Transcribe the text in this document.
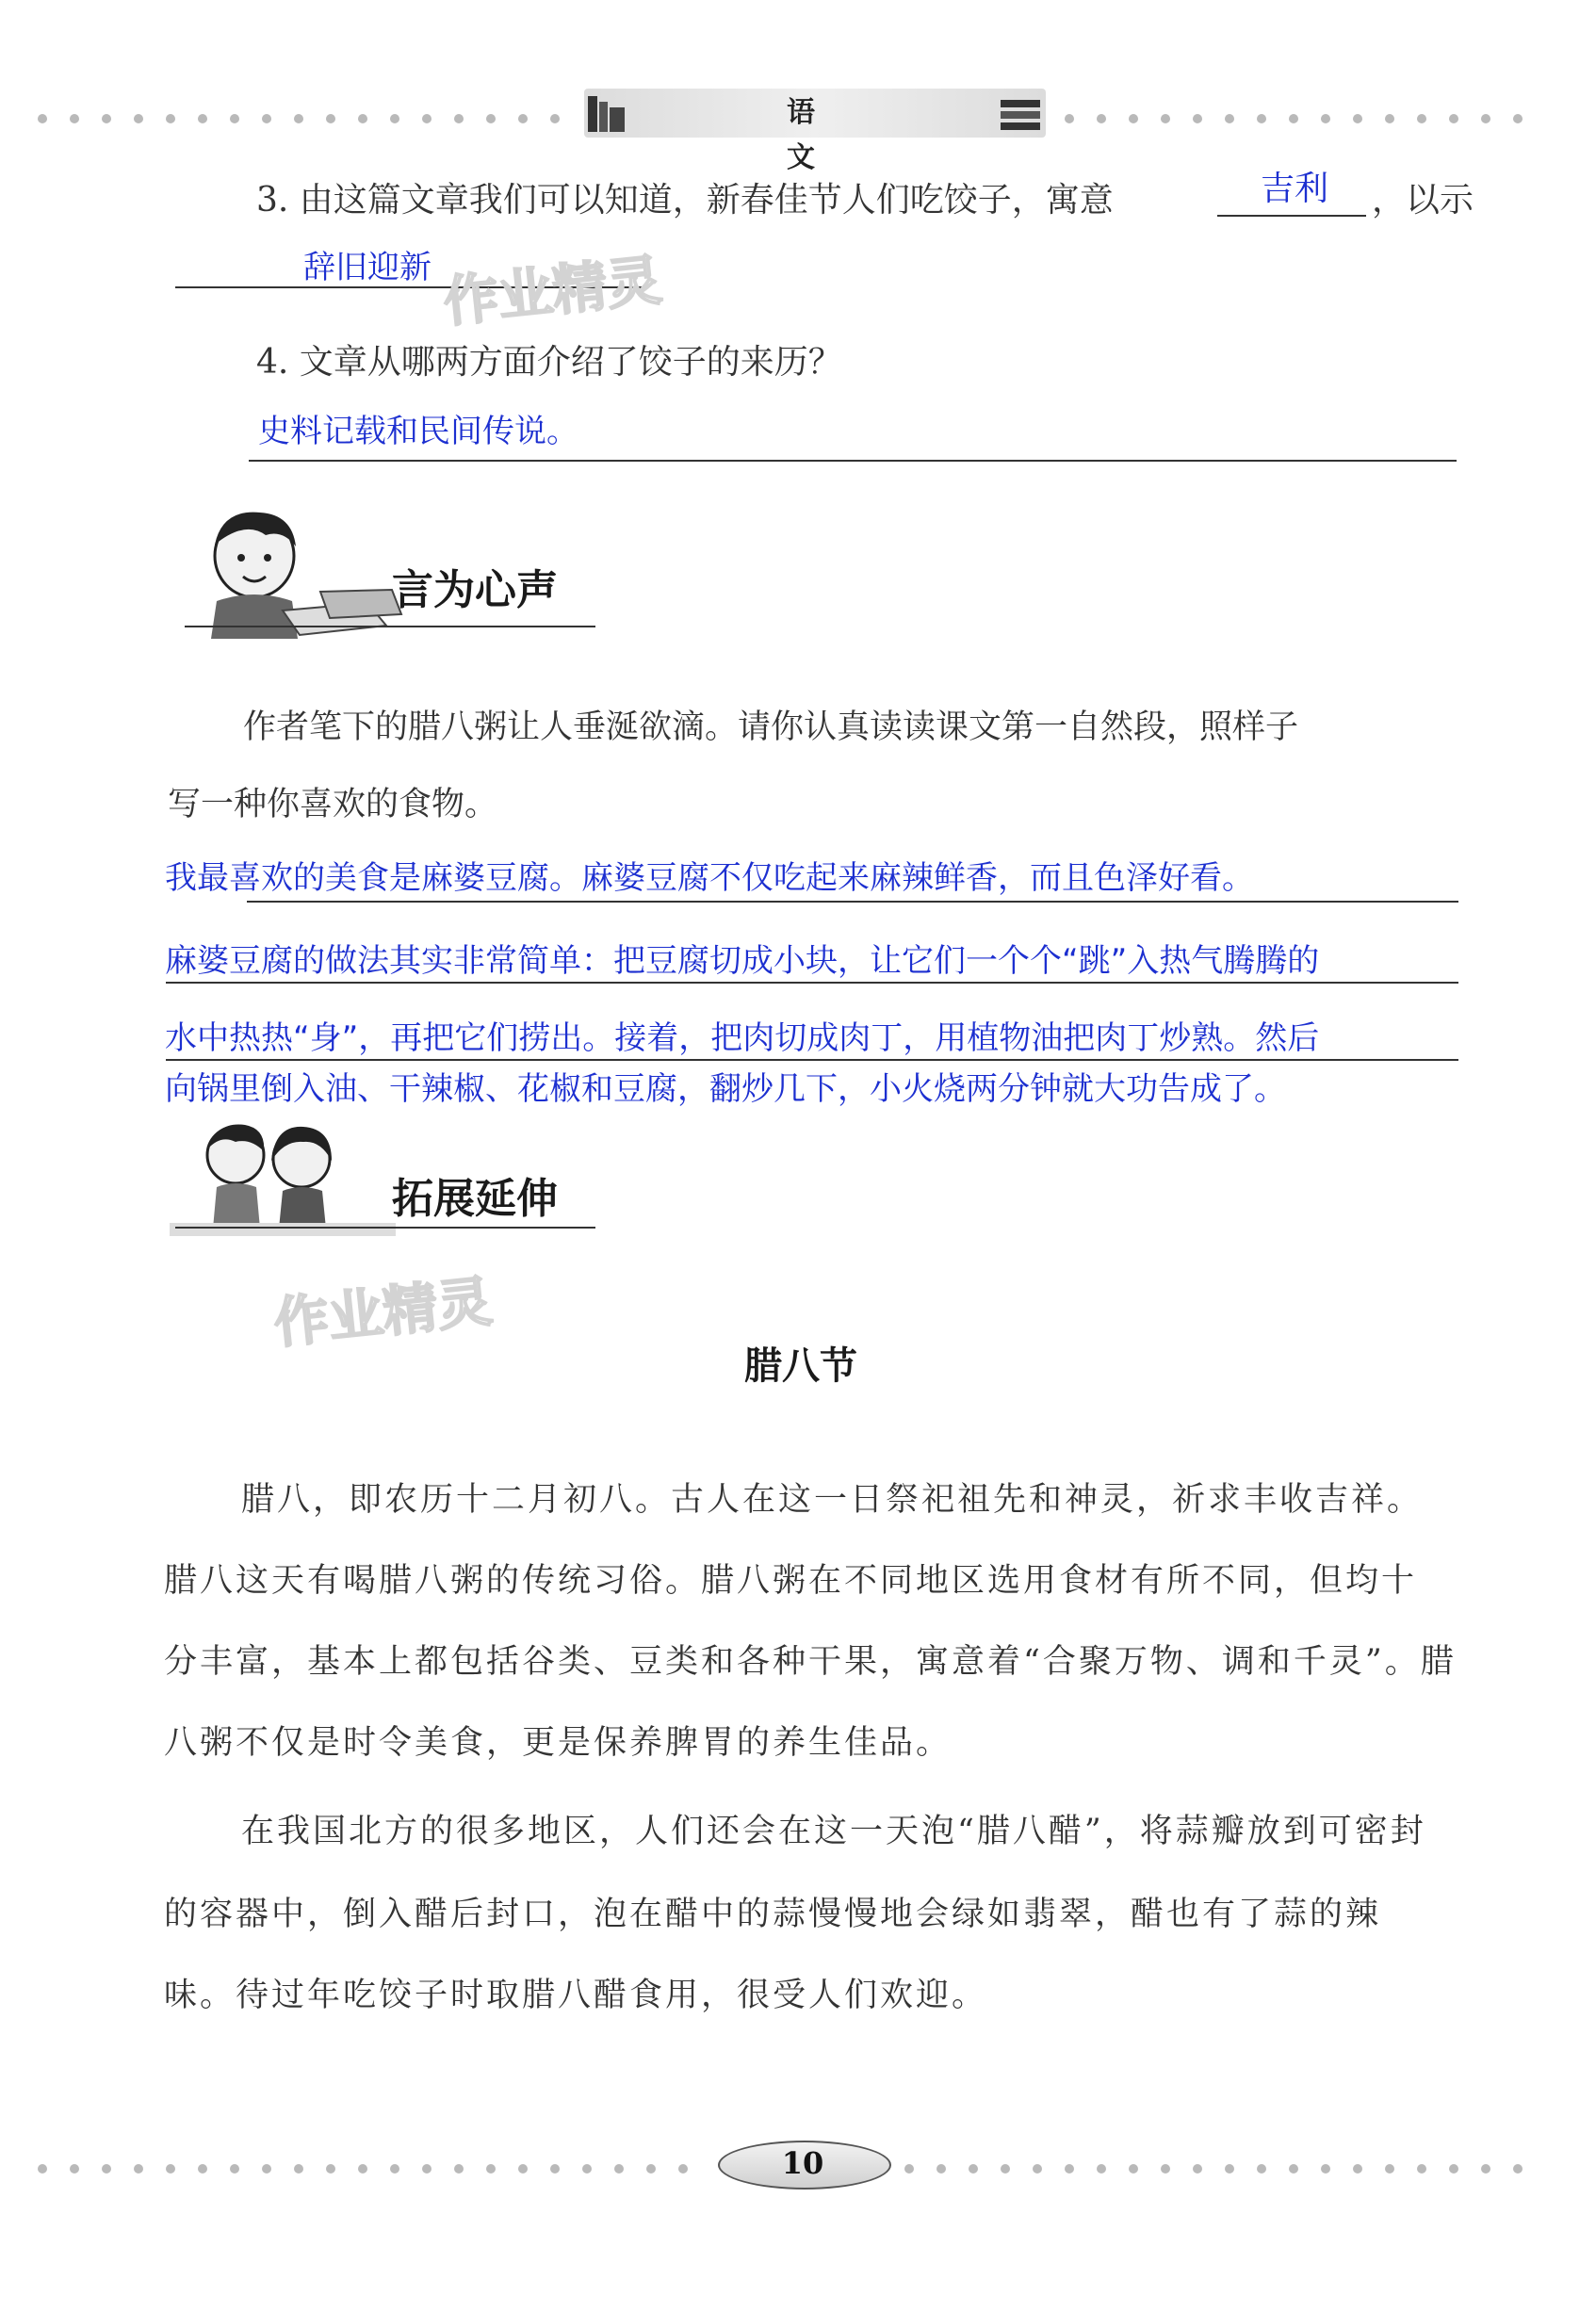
语 文
3. 由这篇文章我们可以知道，新春佳节人们吃饺子，寓意	吉利 ，以示
辞旧迎新 作业精灵
4. 文章从哪两方面介绍了饺子的来历？
史料记载和民间传说。
言为心声
作者笔下的腊八粥让人垂涎欲滴。请你认真读读课文第一自然段，照样子
写一种你喜欢的食物。
我最喜欢的美食是麻婆豆腐。麻婆豆腐不仅吃起来麻辣鲜香，而且色泽好看。
麻婆豆腐的做法其实非常简单：把豆腐切成小块，让它们一个个“跳”入热气腾腾的
水中热热“身”，再把它们捞出。接着，把肉切成肉丁，用植物油把肉丁炒熟。然后
向锅里倒入油、干辣椒、花椒和豆腐，翻炒几下，小火烧两分钟就大功告成了。
拓展延伸
作业精灵
腊八节
腊八，即农历十二月初八。古人在这一日祭祀祖先和神灵，祈求丰收吉祥。
腊八这天有喝腊八粥的传统习俗。腊八粥在不同地区选用食材有所不同，但均十
分丰富，基本上都包括谷类、豆类和各种干果，寓意着“合聚万物、调和千灵”。腊
八粥不仅是时令美食，更是保养脾胃的养生佳品。
在我国北方的很多地区，人们还会在这一天泡“腊八醋”，将蒜瓣放到可密封
的容器中，倒入醋后封口，泡在醋中的蒜慢慢地会绿如翡翠，醋也有了蒜的辣
味。待过年吃饺子时取腊八醋食用，很受人们欢迎。
10
